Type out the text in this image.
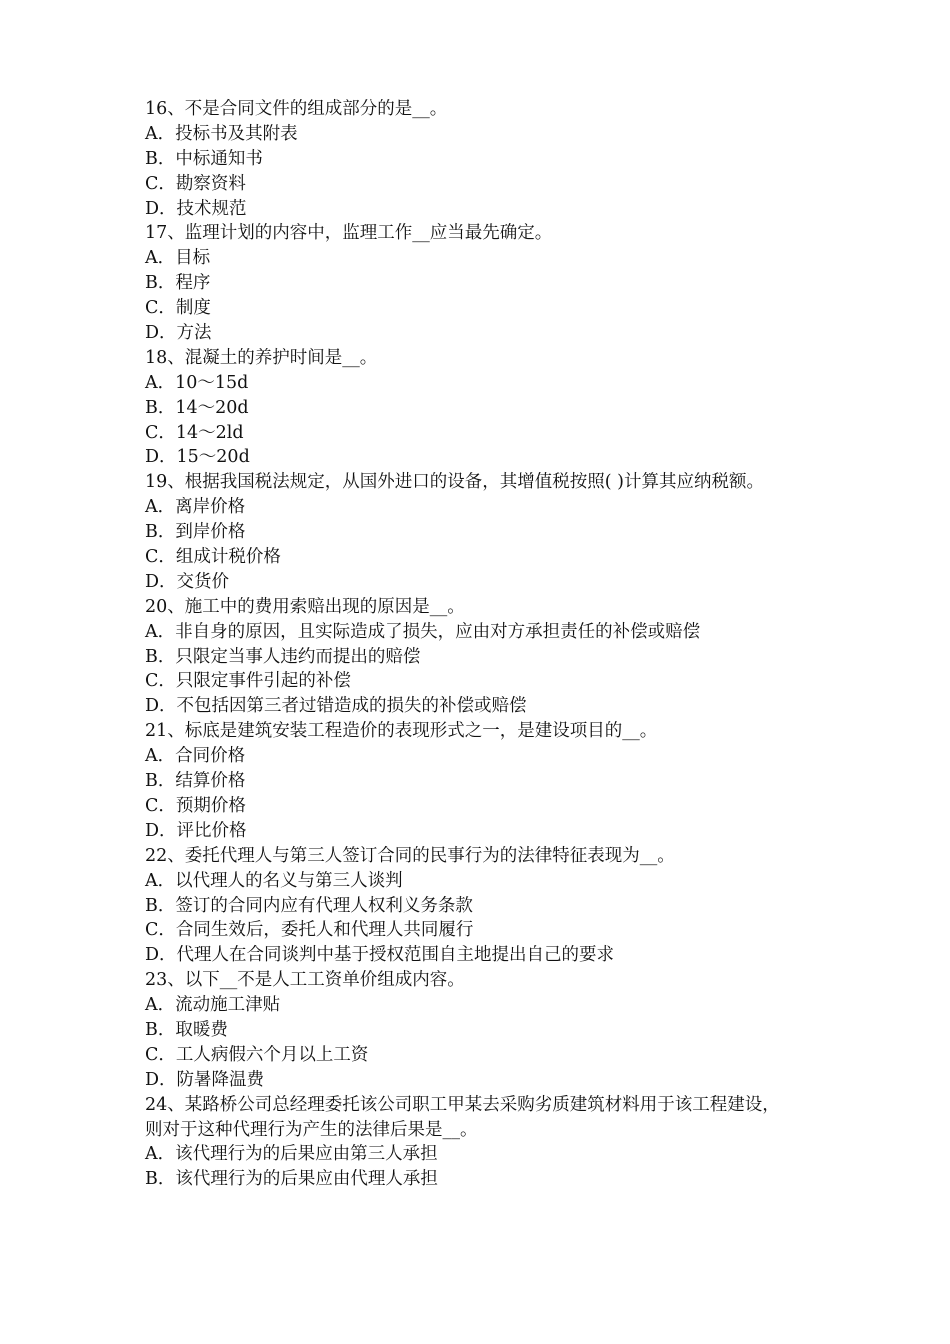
16、不是合同文件的组成部分的是__。
A．投标书及其附表
B．中标通知书
C．勘察资料
D．技术规范
17、监理计划的内容中，监理工作__应当最先确定。
A．目标
B．程序
C．制度
D．方法
18、混凝土的养护时间是__。
A．10～15d
B．14～20d
C．14～2ld
D．15～20d
19、根据我国税法规定，从国外进口的设备，其增值税按照( )计算其应纳税额。
A．离岸价格
B．到岸价格
C．组成计税价格
D．交货价
20、施工中的费用索赔出现的原因是__。
A．非自身的原因，且实际造成了损失，应由对方承担责任的补偿或赔偿
B．只限定当事人违约而提出的赔偿
C．只限定事件引起的补偿
D．不包括因第三者过错造成的损失的补偿或赔偿
21、标底是建筑安装工程造价的表现形式之一，是建设项目的__。
A．合同价格
B．结算价格
C．预期价格
D．评比价格
22、委托代理人与第三人签订合同的民事行为的法律特征表现为__。
A．以代理人的名义与第三人谈判
B．签订的合同内应有代理人权利义务条款
C．合同生效后，委托人和代理人共同履行
D．代理人在合同谈判中基于授权范围自主地提出自己的要求
23、以下__不是人工工资单价组成内容。
A．流动施工津贴
B．取暖费
C．工人病假六个月以上工资
D．防暑降温费
24、某路桥公司总经理委托该公司职工甲某去采购劣质建筑材料用于该工程建设，
则对于这种代理行为产生的法律后果是__。
A．该代理行为的后果应由第三人承担
B．该代理行为的后果应由代理人承担
